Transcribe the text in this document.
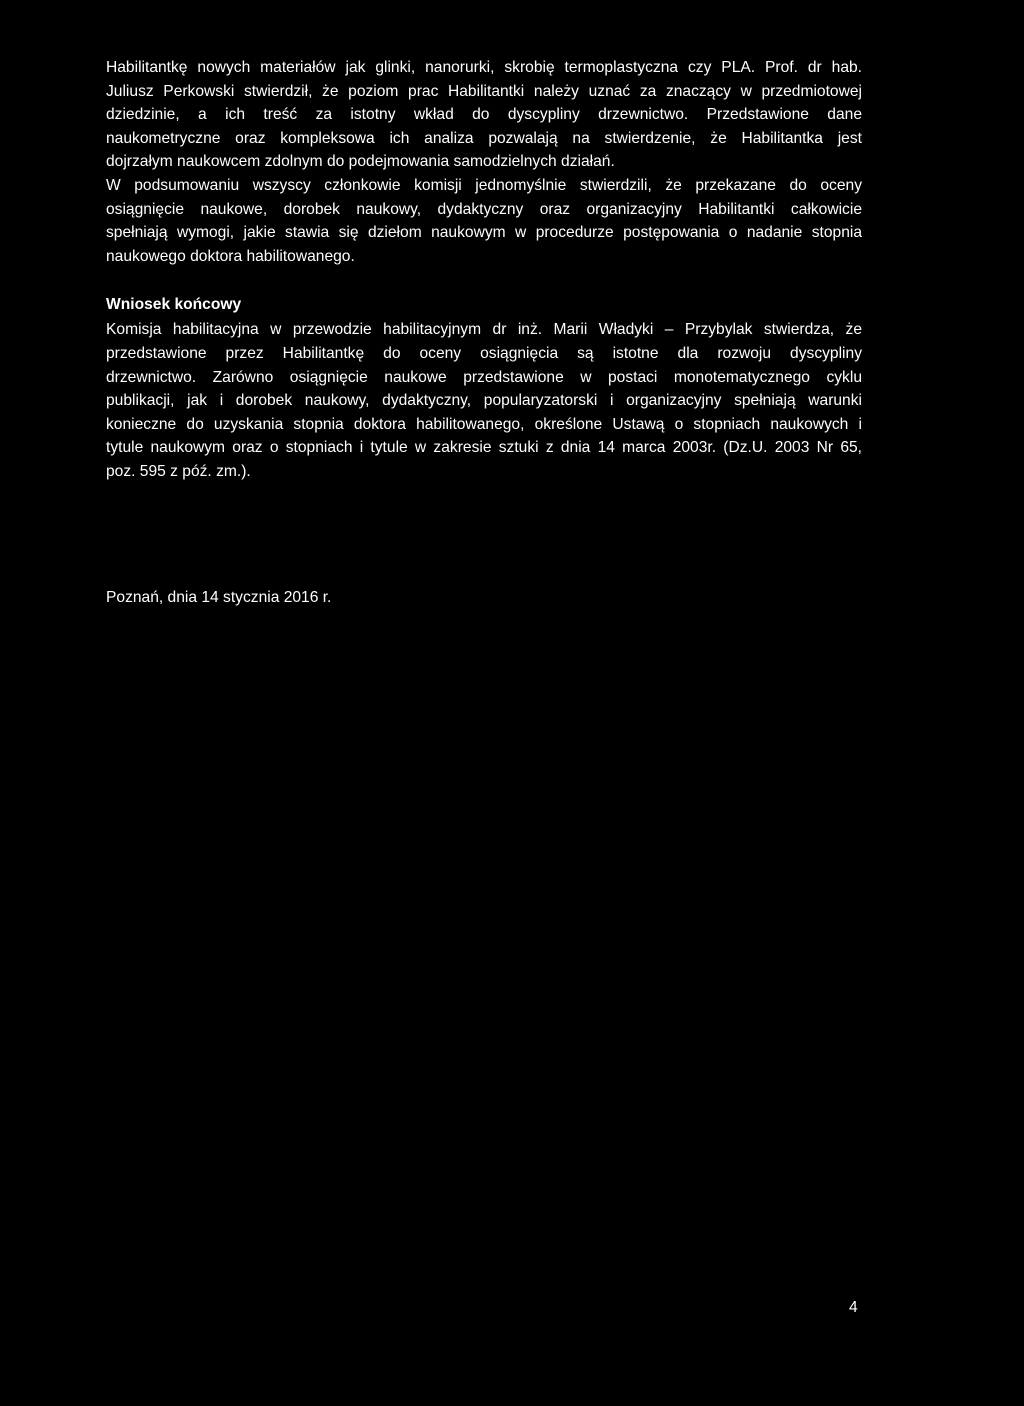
Habilitantkę nowych materiałów jak glinki, nanorurki, skrobię termoplastyczna czy PLA. Prof. dr hab.
Juliusz Perkowski stwierdził, że poziom prac Habilitantki należy uznać za znaczący w przedmiotowej
dziedzinie, a ich treść za istotny wkład do dyscypliny drzewnictwo. Przedstawione dane
naukometryczne oraz kompleksowa ich analiza pozwalają na stwierdzenie, że Habilitantka jest
dojrzałym naukowcem zdolnym do podejmowania samodzielnych działań.
W podsumowaniu wszyscy członkowie komisji jednomyślnie stwierdzili, że przekazane do oceny
osiągnięcie naukowe, dorobek naukowy, dydaktyczny oraz organizacyjny Habilitantki całkowicie
spełniają wymogi, jakie stawia się dziełom naukowym w procedurze postępowania o nadanie stopnia
naukowego doktora habilitowanego.
Wniosek końcowy
Komisja habilitacyjna w przewodzie habilitacyjnym dr inż. Marii Władyki – Przybylak stwierdza, że
przedstawione przez Habilitantkę do oceny osiągnięcia są istotne dla rozwoju dyscypliny
drzewnictwo. Zarówno osiągnięcie naukowe przedstawione w postaci monotematycznego cyklu
publikacji, jak i dorobek naukowy, dydaktyczny, popularyzatorski i organizacyjny spełniają warunki
konieczne do uzyskania stopnia doktora habilitowanego, określone Ustawą o stopniach naukowych i
tytule naukowym oraz o stopniach i tytule w zakresie sztuki z dnia 14 marca 2003r. (Dz.U. 2003 Nr 65,
poz. 595 z póź. zm.).
Poznań, dnia 14 stycznia 2016 r.
4
